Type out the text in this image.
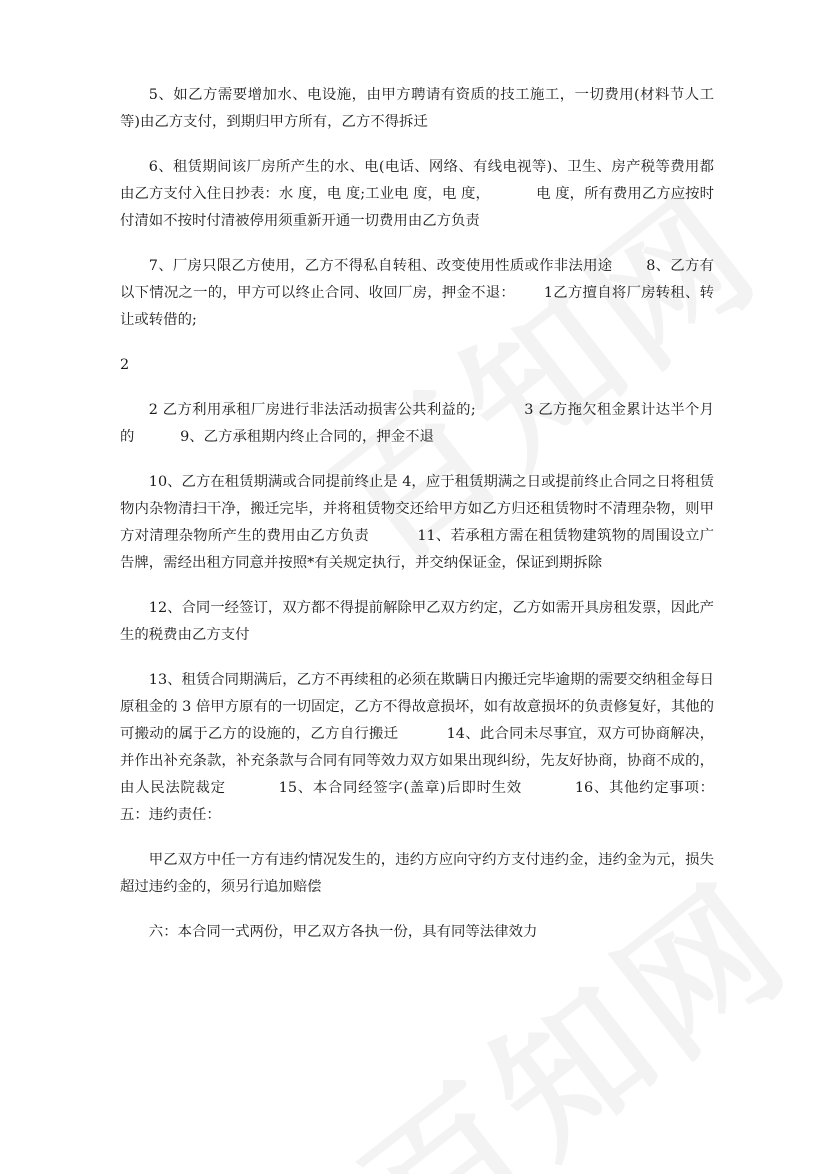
5、如乙方需要增加水、电设施，由甲方聘请有资质的技工施工，一切费用(材料节人工等)由乙方支付，到期归甲方所有，乙方不得拆迁

6、租赁期间该厂房所产生的水、电(电话、网络、有线电视等)、卫生、房产税等费用都由乙方支付入住日抄表：水 度，电 度;工业电 度，电 度，          电 度，所有费用乙方应按时付清如不按时付清被停用须重新开通一切费用由乙方负责

7、厂房只限乙方使用，乙方不得私自转租、改变使用性质或作非法用途       8、乙方有以下情况之一的，甲方可以终止合同、收回厂房，押金不退：      1乙方擅自将厂房转租、转让或转借的;

2

2 乙方利用承租厂房进行非法活动损害公共利益的;          3 乙方拖欠租金累计达半个月的          9、乙方承租期内终止合同的，押金不退

10、乙方在租赁期满或合同提前终止是 4，应于租赁期满之日或提前终止合同之日将租赁物内杂物清扫干净，搬迁完毕，并将租赁物交还给甲方如乙方归还租赁物时不清理杂物，则甲方对清理杂物所产生的费用由乙方负责          11、若承租方需在租赁物建筑物的周围设立广告牌，需经出租方同意并按照*有关规定执行，并交纳保证金，保证到期拆除

12、合同一经签订，双方都不得提前解除甲乙双方约定，乙方如需开具房租发票，因此产生的税费由乙方支付

13、租赁合同期满后，乙方不再续租的必须在欺瞒日内搬迁完毕逾期的需要交纳租金每日原租金的 3 倍甲方原有的一切固定，乙方不得故意损坏，如有故意损坏的负责修复好，其他的可搬动的属于乙方的设施的，乙方自行搬迁          14、此合同未尽事宜，双方可协商解决，并作出补充条款，补充条款与合同有同等效力双方如果出现纠纷，先友好协商，协商不成的，由人民法院裁定          15、本合同经签字(盖章)后即时生效          16、其他约定事项：          五：违约责任：

甲乙双方中任一方有违约情况发生的，违约方应向守约方支付违约金，违约金为元，损失超过违约金的，须另行追加赔偿

六：本合同一式两份，甲乙双方各执一份，具有同等法律效力
